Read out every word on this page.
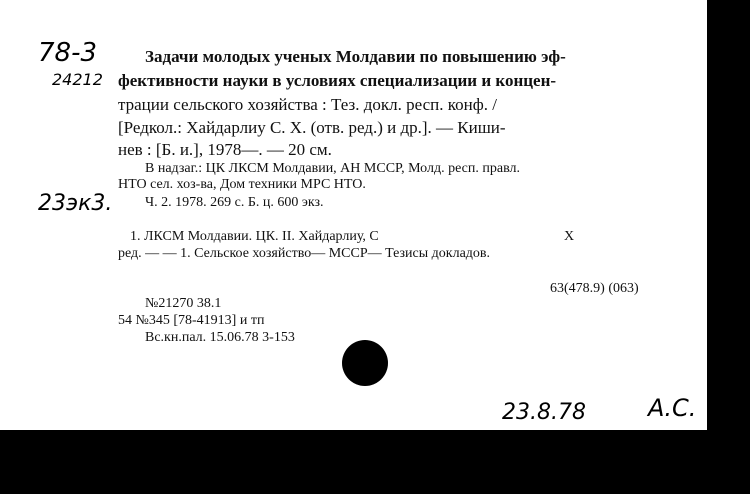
78-3
24212
Задачи молодых ученых Молдавии по повышению эф-
фективности науки в условиях специализации и концен-
трации сельского хозяйства : Тез. докл. респ. конф. /
[Редкол.: Хайдарлиу С. Х. (отв. ред.) и др.]. — Киши-
нев : [Б. и.], 1978—. — 20 см.
В надзаг.: ЦК ЛКСМ Молдавии, АН МССР, Молд. респ. правл.
НТО сел. хоз-ва, Дом техники МРС НТО.
23эк3. Ч. 2. 1978. 269 с. Б. ц. 600 экз.
1. ЛКСМ Молдавии. ЦК. II. Хайдарлиу, С	Х
ред. — — 1. Сельское хозяйство— МССР— Тезисы докладов.
63(478.9) (063)
№21270 38.1
54 №345 [78-41913] и тп
Вс.кн.пал. 15.06.78 3-153
23.8.78	А.С.
